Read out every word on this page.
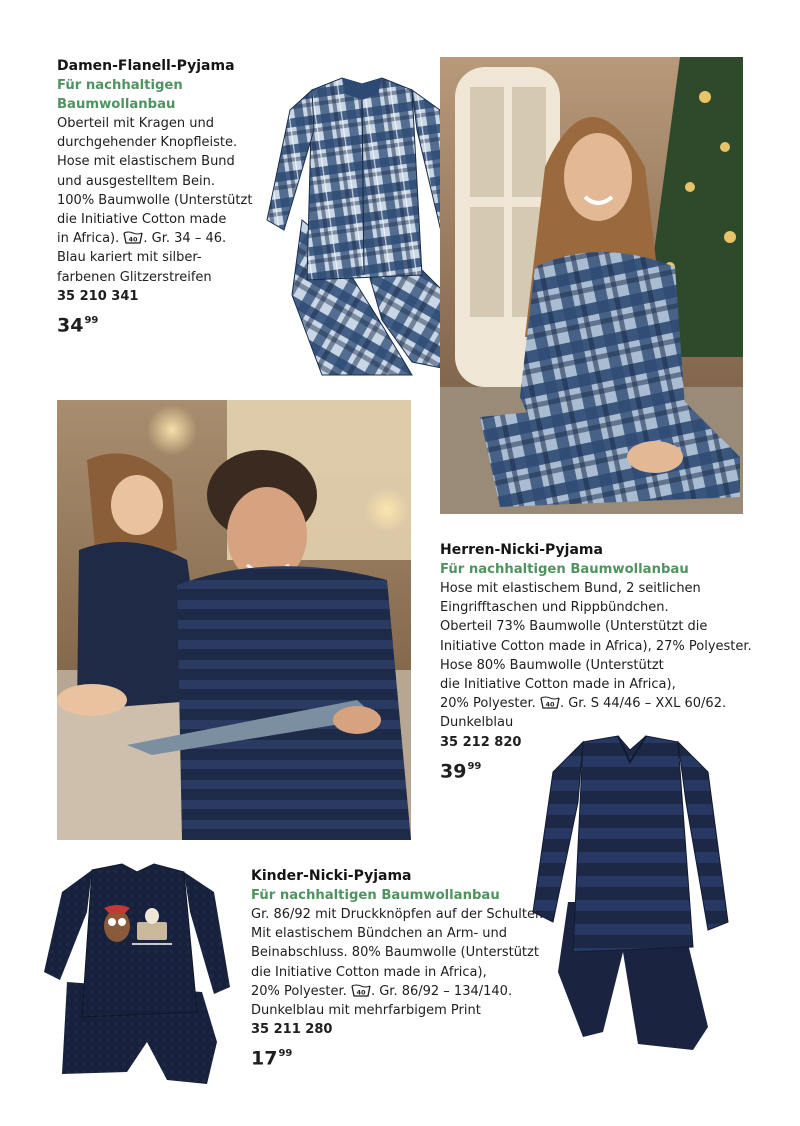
Damen-Flanell-Pyjama
Für nachhaltigen Baumwollanbau
Oberteil mit Kragen und
durchgehender Knopfleiste.
Hose mit elastischem Bund
und ausgestelltem Bein.
100% Baumwolle (Unterstützt
die Initiative Cotton made
in Africa). 40 . Gr. 34 – 46.
Blau kariert mit silber-
farbenen Glitzerstreifen
35 210 341
$34^{99}$
Herren-Nicki-Pyjama
Für nachhaltigen Baumwollanbau
Hose mit elastischem Bund, 2 seitlichen
Eingrifftaschen und Rippbündchen.
Oberteil 73% Baumwolle (Unterstützt die
Initiative Cotton made in Africa), 27% Polyester.
Hose 80% Baumwolle (Unterstützt
die Initiative Cotton made in Africa),
20% Polyester. 40 . Gr. S 44/46 – XXL 60/62.
Dunkelblau
35 212 820
$39^{99}$
Kinder-Nicki-Pyjama
Für nachhaltigen Baumwollanbau
Gr. 86/92 mit Druckknöpfen auf der Schulter.
Mit elastischem Bündchen an Arm- und
Beinabschluss. 80% Baumwolle (Unterstützt
die Initiative Cotton made in Africa),
20% Polyester. 40 . Gr. 86/92 – 134/140.
Dunkelblau mit mehrfarbigem Print
35 211 280
$17^{99}$
